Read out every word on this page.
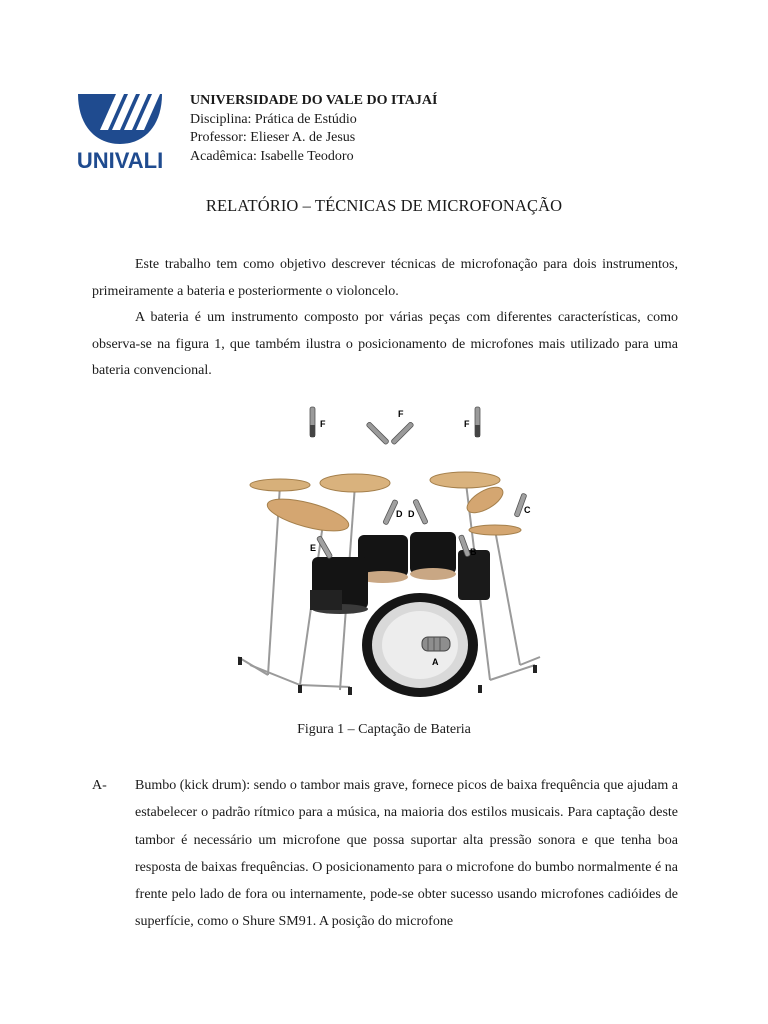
UNIVALI
UNIVERSIDADE DO VALE DO ITAJAÍ
Disciplina: Prática de Estúdio
Professor: Elieser A. de Jesus
Acadêmica: Isabelle Teodoro
RELATÓRIO – TÉCNICAS DE MICROFONAÇÃO

Este trabalho tem como objetivo descrever técnicas de microfonação para dois instrumentos, primeiramente a bateria e posteriormente o violoncelo.

A bateria é um instrumento composto por várias peças com diferentes características, como observa-se na figura 1, que também ilustra o posicionamento de microfones mais utilizado para uma bateria convencional.

F
F
F
A
D D
E
C
B
Figura 1 – Captação de Bateria
A-	Bumbo (kick drum): sendo o tambor mais grave, fornece picos de baixa frequência que ajudam a estabelecer o padrão rítmico para a música, na maioria dos estilos musicais. Para captação deste tambor é necessário um microfone que possa suportar alta pressão sonora e que tenha boa resposta de baixas frequências. O posicionamento para o microfone do bumbo normalmente é na frente pelo lado de fora ou internamente, pode-se obter sucesso usando microfones cadióides de superfície, como o Shure SM91. A posição do microfone
